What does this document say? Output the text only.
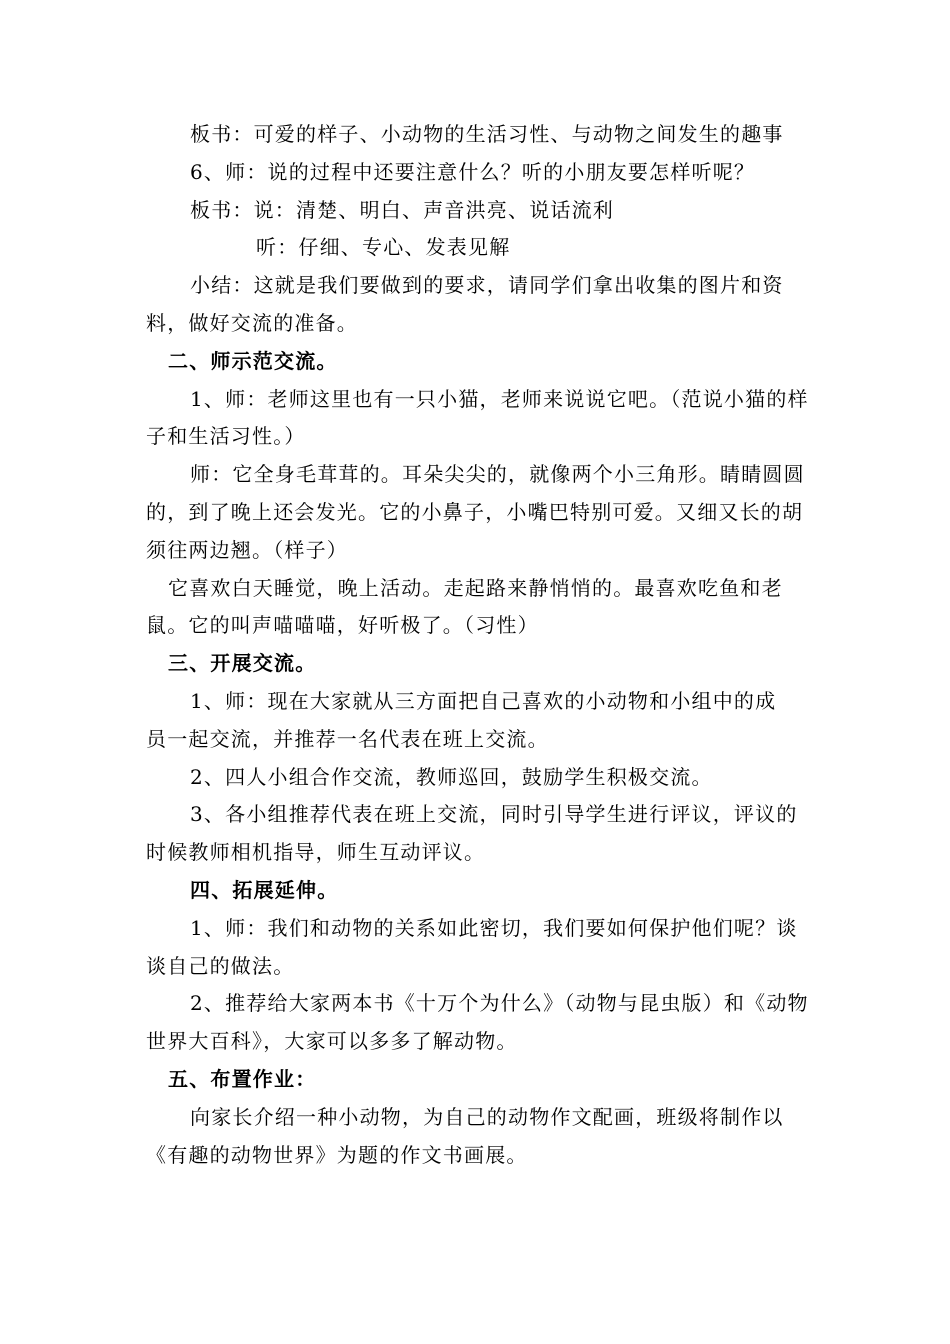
板书：可爱的样子、小动物的生活习性、与动物之间发生的趣事
6、师：说的过程中还要注意什么？听的小朋友要怎样听呢？
板书：说：清楚、明白、声音洪亮、说话流利
听：仔细、专心、发表见解
小结：这就是我们要做到的要求，请同学们拿出收集的图片和资
料，做好交流的准备。
二、师示范交流。
1、师：老师这里也有一只小猫，老师来说说它吧。（范说小猫的样
子和生活习性。）
师：它全身毛茸茸的。耳朵尖尖的，就像两个小三角形。睛睛圆圆
的，到了晚上还会发光。它的小鼻子，小嘴巴特别可爱。又细又长的胡
须往两边翘。（样子）
它喜欢白天睡觉，晚上活动。走起路来静悄悄的。最喜欢吃鱼和老
鼠。它的叫声喵喵喵，好听极了。（习性）
三、开展交流。
1、师：现在大家就从三方面把自己喜欢的小动物和小组中的成
员一起交流，并推荐一名代表在班上交流。
2、四人小组合作交流，教师巡回，鼓励学生积极交流。
3、各小组推荐代表在班上交流，同时引导学生进行评议，评议的
时候教师相机指导，师生互动评议。
四、拓展延伸。
1、师：我们和动物的关系如此密切，我们要如何保护他们呢？谈
谈自己的做法。
2、推荐给大家两本书《十万个为什么》（动物与昆虫版）和《动物
世界大百科》，大家可以多多了解动物。
五、布置作业：
向家长介绍一种小动物，为自己的动物作文配画，班级将制作以
《有趣的动物世界》为题的作文书画展。
